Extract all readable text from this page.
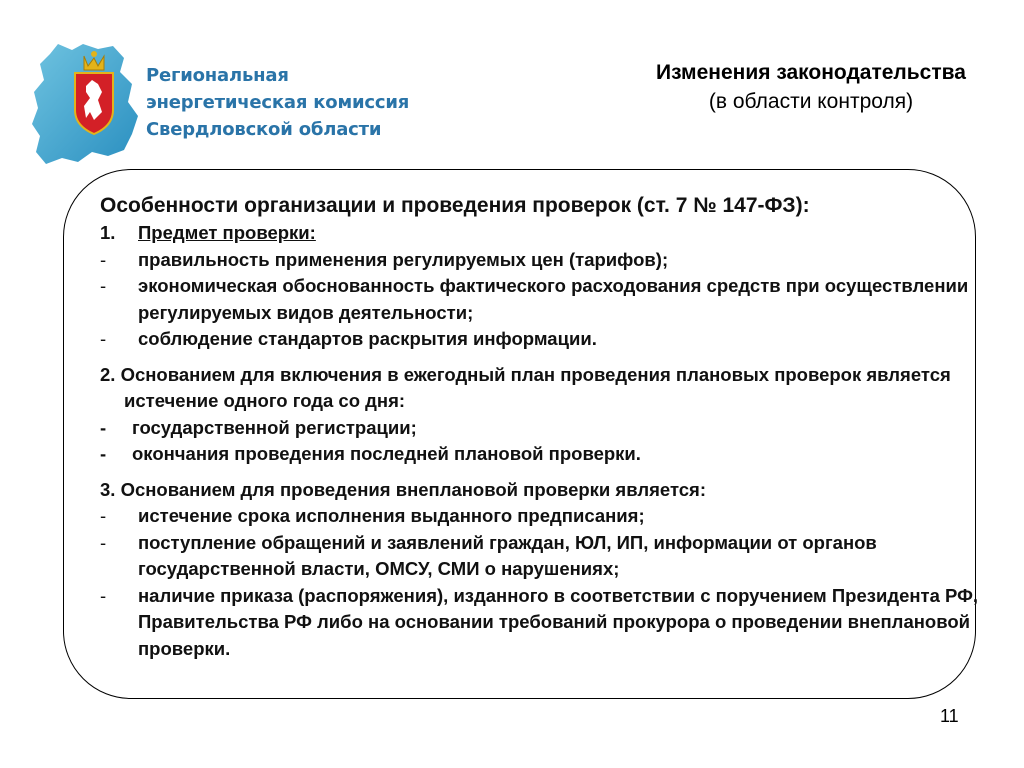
Региональная
энергетическая комиссия
Свердловской области
Изменения законодательства
(в области контроля)

Особенности организации и проведения проверок (ст. 7 № 147-ФЗ):

1. Предмет проверки:
- правильность применения регулируемых цен (тарифов);
- экономическая обоснованность фактического расходования средств при осуществлении регулируемых видов деятельности;
- соблюдение стандартов раскрытия информации.

2. Основанием для включения в ежегодный план проведения плановых проверок является истечение одного года со дня:

- государственной регистрации;
- окончания проведения последней плановой проверки.

3. Основанием для проведения внеплановой проверки является:

- истечение срока исполнения выданного предписания;
- поступление обращений и заявлений граждан, ЮЛ, ИП, информации от органов государственной власти, ОМСУ, СМИ о нарушениях;
- наличие приказа (распоряжения), изданного в соответствии с поручением Президента РФ, Правительства РФ либо на основании требований прокурора о проведении внеплановой проверки.
11
